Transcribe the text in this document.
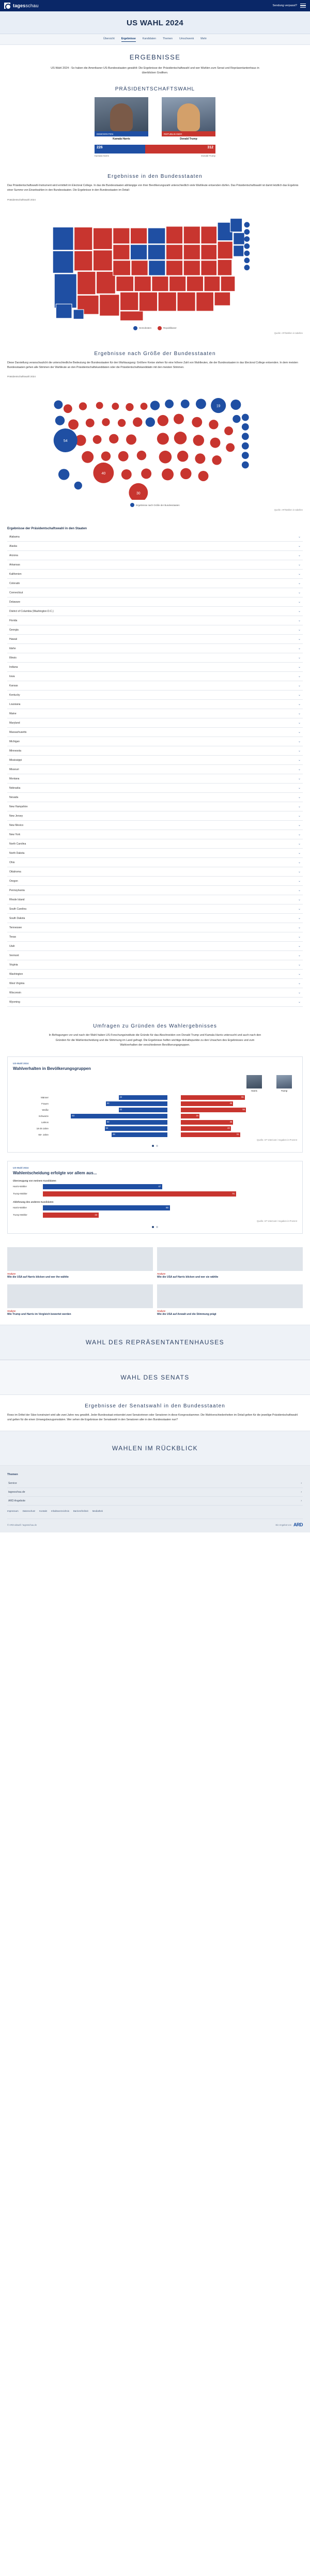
tagesschau	Sendung verpasst?
US WAHL 2024
Übersicht	Ergebnisse	Kandidaten	Themen	Umschwenk	Mehr
ERGEBNISSE

US-Wahl 2024 - So haben die Amerikaner US-Bundesstaaten gewählt: Die Ergebnisse der Präsidentschaftswahl und wer Wahlen zum Senat und Repräsentantenhaus in überblicken Grafiken.

PRÄSIDENTSCHAFTSWAHL
DEMOKRATEN
Kamala Harris
REPUBLIKANER
Donald Trump
226	312
Kamala Harris	Donald Trump
Ergebnisse in den Bundesstaaten

Das Präsidentschaftswahl-Instrument wird ermittelt im Electoral College. In das die Bundesstaaten abhängige von ihrer Bevölkerungszahl unterschiedlich viele Wahlleute entsenden dürfen. Das Präsidentschaftswahl ist damit letztlich das Ergebnis einer Summe von Einzelwahlen in den Bundesstaaten. Die Ergebnisse in den Bundesstaaten im Detail:

Präsidentschaftswahl 2024
Demokraten	Republikaner
Quelle: AP/Wahlen in tabellen
Ergebnisse nach Größe der Bundesstaaten

Diese Darstellung veranschaulicht die unterschiedliche Bedeutung der Bundesstaaten für den Wahlausgang: Größere Kreise stehen für eine höhere Zahl von Wahlleuten, die der Bundesstaaten in das Electoral College entsenden. In dem meisten Bundesstaaten gehen alle Stimmen der Wahlleute an den Präsidentschaftskandidaten oder die Präsidentschaftskandidatin mit den meisten Stimmen.

Präsidentschaftswahl 2024
54
40
19
30
Ergebnisse nach Größe der Bundesstaaten
Quelle: AP/Wahlen in tabellen
Ergebnisse der Präsidentschaftswahl in den Staaten
Alabama	⌄
Alaska	⌄
Arizona	⌄
Arkansas	⌄
Kalifornien	⌄
Colorado	⌄
Connecticut	⌄
Delaware	⌄
District of Columbia (Washington D.C.)	⌄
Florida	⌄
Georgia	⌄
Hawaii	⌄
Idaho	⌄
Illinois	⌄
Indiana	⌄
Iowa	⌄
Kansas	⌄
Kentucky	⌄
Louisiana	⌄
Maine	⌄
Maryland	⌄
Massachusetts	⌄
Michigan	⌄
Minnesota	⌄
Mississippi	⌄
Missouri	⌄
Montana	⌄
Nebraska	⌄
Nevada	⌄
New Hampshire	⌄
New Jersey	⌄
New Mexico	⌄
New York	⌄
North Carolina	⌄
North Dakota	⌄
Ohio	⌄
Oklahoma	⌄
Oregon	⌄
Pennsylvania	⌄
Rhode Island	⌄
South Carolina	⌄
South Dakota	⌄
Tennessee	⌄
Texas	⌄
Utah	⌄
Vermont	⌄
Virginia	⌄
Washington	⌄
West Virginia	⌄
Wisconsin	⌄
Wyoming	⌄
Umfragen zu Gründen des Wahlergebnisses

In Befragungen vor und nach der Wahl haben US-Forschungsinstitute die Gründe für das Abschneiden von Donald Trump und Kamala Harris untersucht und auch nach den Gründen für die Wahlentscheidung und die Stimmung im Land gefragt. Die Ergebnisse helfen wichtige Anhaltspunkte zu den Ursachen des Ergebnisses und zum Wahlverhalten der verschiedenen Bevölkerungsgruppen.

US-Wahl 2024
Wahlverhalten in Bevölkerungsgruppen
Harris	Trump
Männer	42	55
Frauen	53	45
Weiße	42	56
Schwarze	83	16
Latinos	53	45
18-29 Jahre	54	43
65+ Jahre	48	51
Quelle: AP VoteCast / Angaben in Prozent
US-Wahl 2024
Wahlentscheidung erfolgte vor allem aus...
Überzeugung von meinem Kandidaten
Harris-Wähler	47
Trump-Wähler	76
Ablehnung des anderen Kandidaten
Harris-Wähler	50
Trump-Wähler	22
Quelle: AP VoteCast / Angaben in Prozent
Analyse
Wie die USA auf Harris blicken und wer ihn wählte
Analyse
Wie die USA auf Harris blicken und wer sie wählte
Analyse
Wie Trump und Harris im Vergleich bewertet werden
Analyse
Wie die USA auf Anwalt und die Stimmung prägt
WAHL DES REPRÄSENTANTENHAUSES
WAHL DES SENATS
Ergebnisse der Senatswahl in den Bundesstaaten

Rows im Drittel der Sitze konstruiert wird alle zwei Jahre neu gewählt. Jeder Bundesstaat entsendet zwei Senatorinnen oder Senatoren in diese Kongresskammer. Die Wahlverschiedenheiten im Detail gelten für die jeweilige Präsidentschaftswahl und gelten für die einen Umwegsbezugsmodalen. Wer sehen die Ergebnisse der Senatswahl in den Senatoren aller in den Bundesstaaten nun?

WAHLEN IM RÜCKBLICK
Themen
Service	›
tagesschau.de	›
ARD Angebote	›
Impressum Datenschutz Kontakt Inhaltsverzeichnis Barrierefreiheit Mediathek
© ARD-aktuell / tagesschau.de	Ein Angebot von ARD
